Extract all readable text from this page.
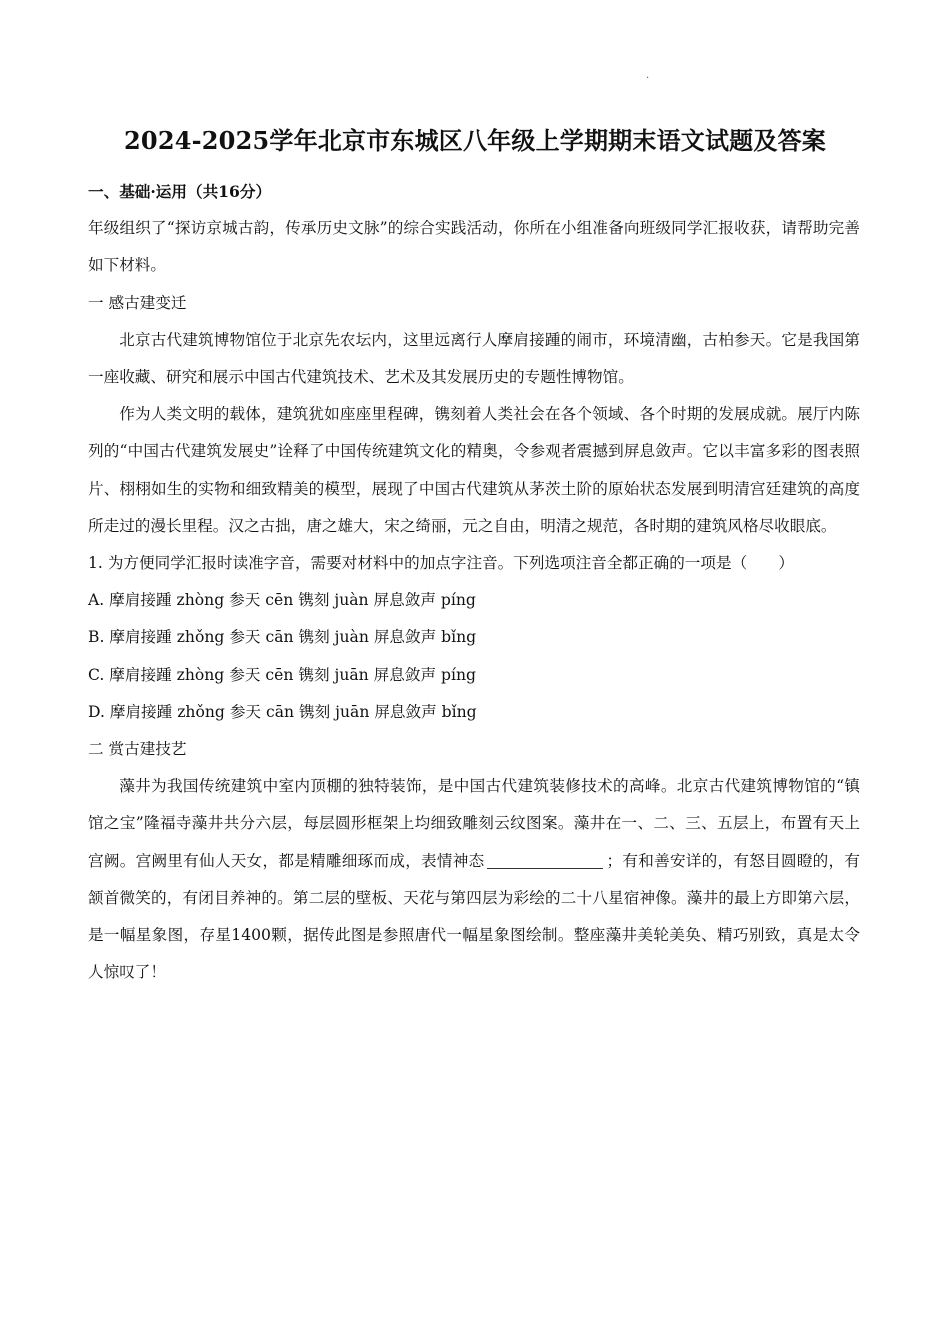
.
2024-2025学年北京市东城区八年级上学期期末语文试题及答案

一、基础·运用（共16分）

年级组织了“探访京城古韵，传承历史文脉”的综合实践活动，你所在小组准备向班级同学汇报收获，请帮助完善如下材料。

一 感古建变迁

北京古代建筑博物馆位于北京先农坛内，这里远离行人摩肩接踵的闹市，环境清幽，古柏参天。它是我国第一座收藏、研究和展示中国古代建筑技术、艺术及其发展历史的专题性博物馆。

作为人类文明的载体，建筑犹如座座里程碑，镌刻着人类社会在各个领域、各个时期的发展成就。展厅内陈列的“中国古代建筑发展史”诠释了中国传统建筑文化的精奥，令参观者震撼到屏息敛声。它以丰富多彩的图表照片、栩栩如生的实物和细致精美的模型，展现了中国古代建筑从茅茨土阶的原始状态发展到明清宫廷建筑的高度所走过的漫长里程。汉之古拙，唐之雄大，宋之绮丽，元之自由，明清之规范，各时期的建筑风格尽收眼底。

1. 为方便同学汇报时读准字音，需要对材料中的加点字注音。下列选项注音全都正确的一项是（　　）

A. 摩肩接踵 zhòng 参天 cēn 镌刻 juàn 屏息敛声 píng

B. 摩肩接踵 zhǒng 参天 cān 镌刻 juàn 屏息敛声 bǐng

C. 摩肩接踵 zhòng 参天 cēn 镌刻 juān 屏息敛声 píng

D. 摩肩接踵 zhǒng 参天 cān 镌刻 juān 屏息敛声 bǐng

二 赏古建技艺

藻井为我国传统建筑中室内顶棚的独特装饰，是中国古代建筑装修技术的高峰。北京古代建筑博物馆的“镇馆之宝”隆福寺藻井共分六层，每层圆形框架上均细致雕刻云纹图案。藻井在一、二、三、五层上，布置有天上宫阙。宫阙里有仙人天女，都是精雕细琢而成，表情神态	；有和善安详的，有怒目圆瞪的，有颔首微笑的，有闭目养神的。第二层的壁板、天花与第四层为彩绘的二十八星宿神像。藻井的最上方即第六层，是一幅星象图，存星1400颗，据传此图是参照唐代一幅星象图绘制。整座藻井美轮美奂、精巧别致，真是太令人惊叹了！
